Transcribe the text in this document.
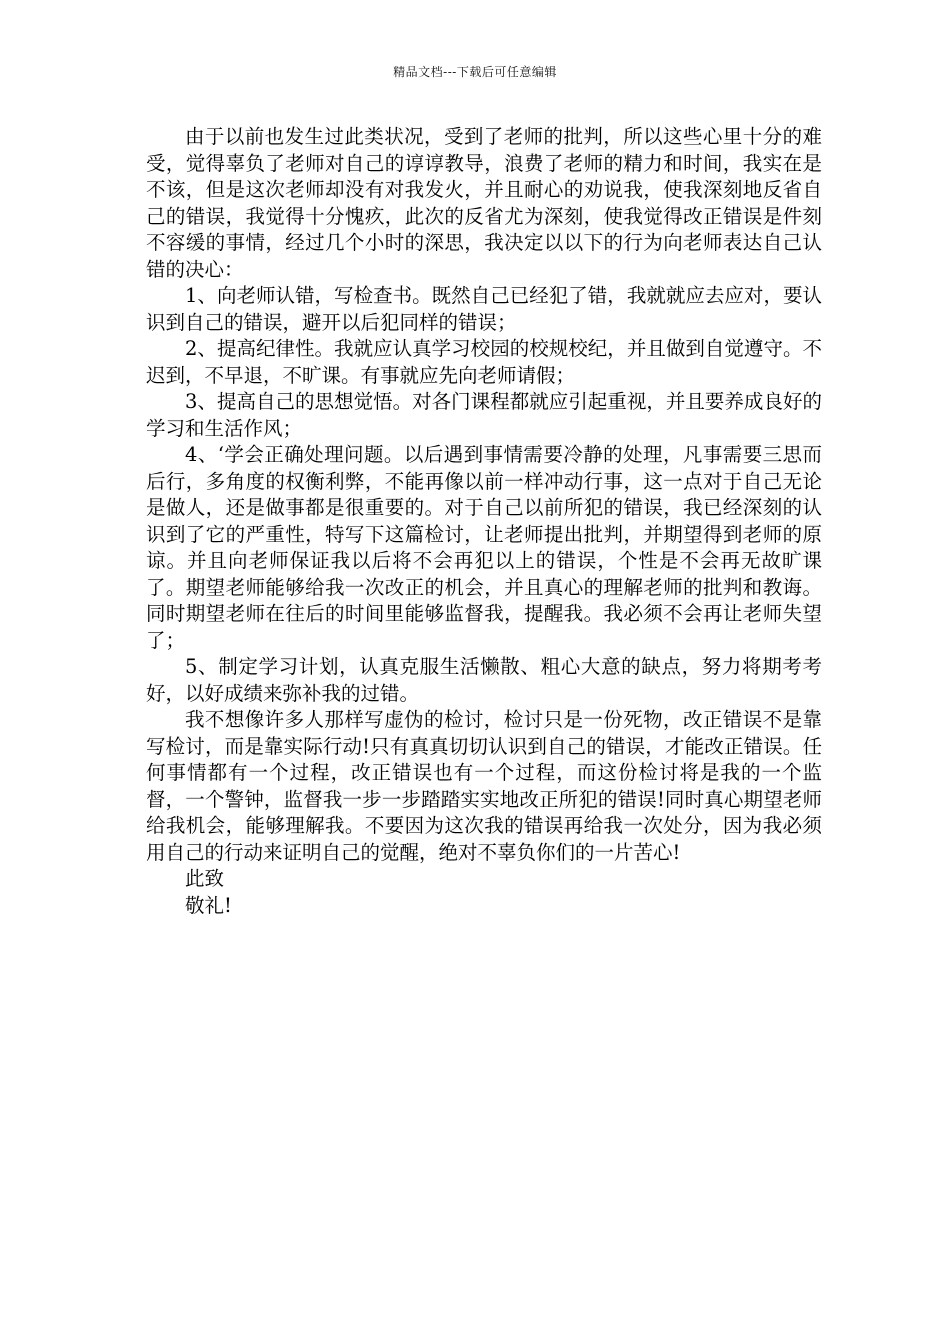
精品文档---下载后可任意编辑

由于以前也发生过此类状况，受到了老师的批判，所以这些心里十分的难受，觉得辜负了老师对自己的谆谆教导，浪费了老师的精力和时间，我实在是不该，但是这次老师却没有对我发火，并且耐心的劝说我，使我深刻地反省自己的错误，我觉得十分愧疚，此次的反省尤为深刻，使我觉得改正错误是件刻不容缓的事情，经过几个小时的深思，我决定以以下的行为向老师表达自己认错的决心：

1、向老师认错，写检查书。既然自己已经犯了错，我就就应去应对，要认识到自己的错误，避开以后犯同样的错误；

2、提高纪律性。我就应认真学习校园的校规校纪，并且做到自觉遵守。不迟到，不早退，不旷课。有事就应先向老师请假；

3、提高自己的思想觉悟。对各门课程都就应引起重视，并且要养成良好的学习和生活作风；

4、‘学会正确处理问题。以后遇到事情需要冷静的处理，凡事需要三思而后行，多角度的权衡利弊，不能再像以前一样冲动行事，这一点对于自己无论是做人，还是做事都是很重要的。对于自己以前所犯的错误，我已经深刻的认识到了它的严重性，特写下这篇检讨，让老师提出批判，并期望得到老师的原谅。并且向老师保证我以后将不会再犯以上的错误，个性是不会再无故旷课了。期望老师能够给我一次改正的机会，并且真心的理解老师的批判和教诲。同时期望老师在往后的时间里能够监督我，提醒我。我必须不会再让老师失望了；

5、制定学习计划，认真克服生活懒散、粗心大意的缺点，努力将期考考好，以好成绩来弥补我的过错。

我不想像许多人那样写虚伪的检讨，检讨只是一份死物，改正错误不是靠写检讨，而是靠实际行动!只有真真切切认识到自己的错误，才能改正错误。任何事情都有一个过程，改正错误也有一个过程，而这份检讨将是我的一个监督，一个警钟，监督我一步一步踏踏实实地改正所犯的错误!同时真心期望老师给我机会，能够理解我。不要因为这次我的错误再给我一次处分，因为我必须用自己的行动来证明自己的觉醒，绝对不辜负你们的一片苦心!

此致

敬礼!
